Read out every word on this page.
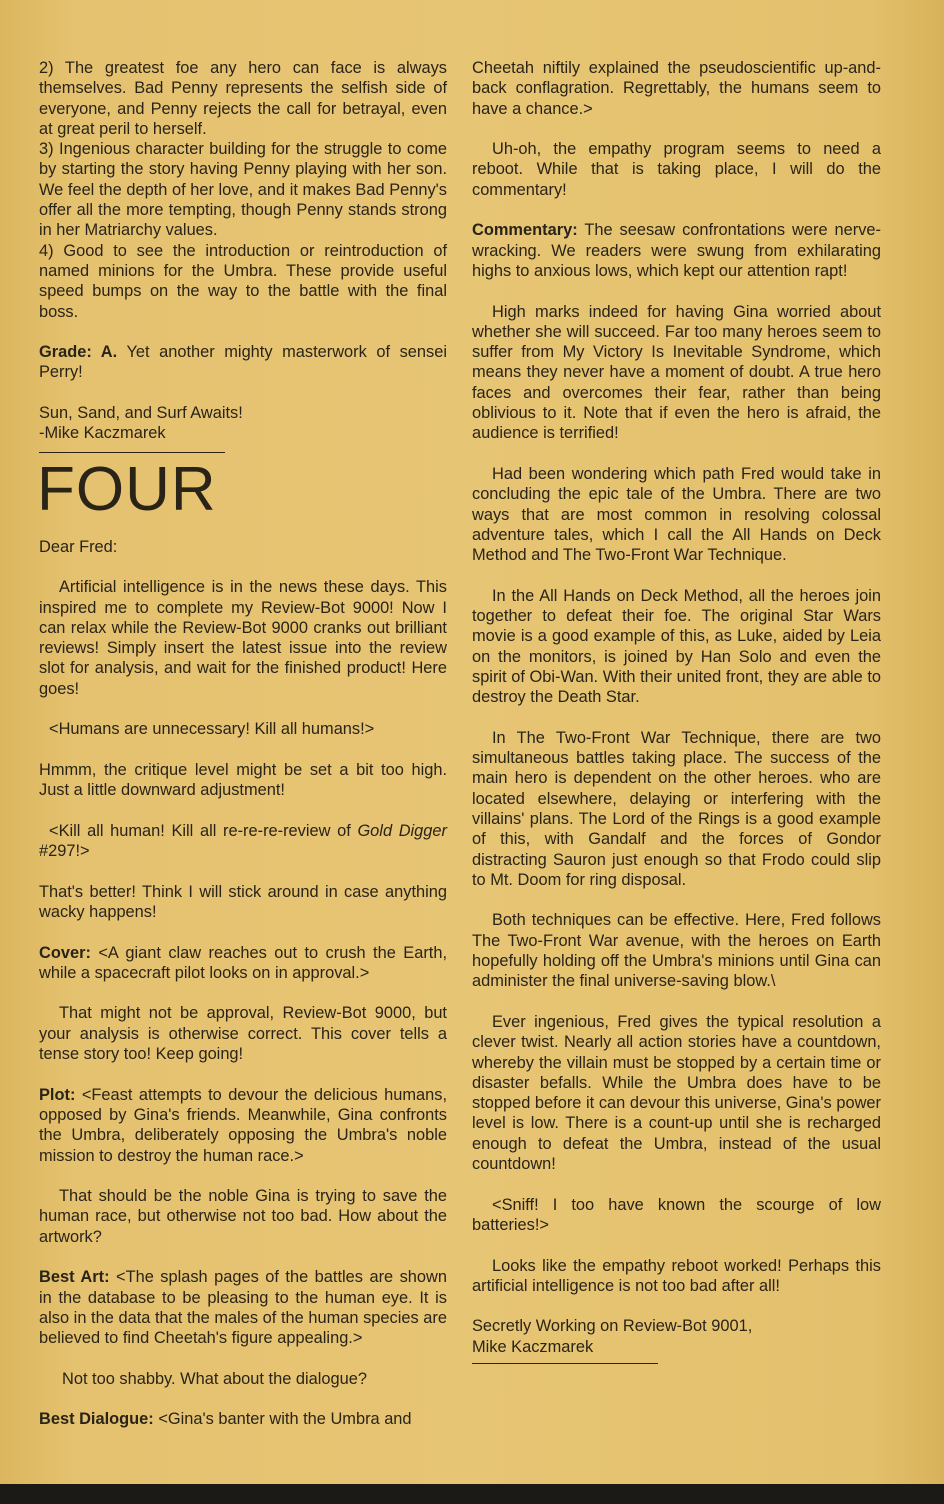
2) The greatest foe any hero can face is always themselves. Bad Penny represents the selfish side of everyone, and Penny rejects the call for betrayal, even at great peril to herself.

3) Ingenious character building for the struggle to come by starting the story having Penny playing with her son. We feel the depth of her love, and it makes Bad Penny's offer all the more tempting, though Penny stands strong in her Matriarchy values.

4) Good to see the introduction or reintroduction of named minions for the Umbra. These provide useful speed bumps on the way to the battle with the final boss.

Grade: A. Yet another mighty masterwork of sensei Perry!

Sun, Sand, and Surf Awaits!

-Mike Kaczmarek

FOUR

Dear Fred:

Artificial intelligence is in the news these days. This inspired me to complete my Review-Bot 9000! Now I can relax while the Review-Bot 9000 cranks out brilliant reviews! Simply insert the latest issue into the review slot for analysis, and wait for the finished product! Here goes!

<Humans are unnecessary! Kill all humans!>

Hmmm, the critique level might be set a bit too high. Just a little downward adjustment!

<Kill all human! Kill all re-re-re-review of Gold Digger #297!>

That's better! Think I will stick around in case anything wacky happens!

Cover: <A giant claw reaches out to crush the Earth, while a spacecraft pilot looks on in approval.>

That might not be approval, Review-Bot 9000, but your analysis is otherwise correct. This cover tells a tense story too! Keep going!

Plot: <Feast attempts to devour the delicious humans, opposed by Gina's friends. Meanwhile, Gina confronts the Umbra, deliberately opposing the Umbra's noble mission to destroy the human race.>

That should be the noble Gina is trying to save the human race, but otherwise not too bad. How about the artwork?

Best Art: <The splash pages of the battles are shown in the database to be pleasing to the human eye. It is also in the data that the males of the human species are believed to find Cheetah's figure appealing.>

Not too shabby. What about the dialogue?

Best Dialogue: <Gina's banter with the Umbra and

Cheetah niftily explained the pseudoscientific up-and-back conflagration. Regrettably, the humans seem to have a chance.>

Uh-oh, the empathy program seems to need a reboot. While that is taking place, I will do the commentary!

Commentary: The seesaw confrontations were nerve-wracking. We readers were swung from exhilarating highs to anxious lows, which kept our attention rapt!

High marks indeed for having Gina worried about whether she will succeed. Far too many heroes seem to suffer from My Victory Is Inevitable Syndrome, which means they never have a moment of doubt. A true hero faces and overcomes their fear, rather than being oblivious to it. Note that if even the hero is afraid, the audience is terrified!

Had been wondering which path Fred would take in concluding the epic tale of the Umbra. There are two ways that are most common in resolving colossal adventure tales, which I call the All Hands on Deck Method and The Two-Front War Technique.

In the All Hands on Deck Method, all the heroes join together to defeat their foe. The original Star Wars movie is a good example of this, as Luke, aided by Leia on the monitors, is joined by Han Solo and even the spirit of Obi-Wan. With their united front, they are able to destroy the Death Star.

In The Two-Front War Technique, there are two simultaneous battles taking place. The success of the main hero is dependent on the other heroes. who are located elsewhere, delaying or interfering with the villains' plans. The Lord of the Rings is a good example of this, with Gandalf and the forces of Gondor distracting Sauron just enough so that Frodo could slip to Mt. Doom for ring disposal.

Both techniques can be effective. Here, Fred follows The Two-Front War avenue, with the heroes on Earth hopefully holding off the Umbra's minions until Gina can administer the final universe-saving blow.\

Ever ingenious, Fred gives the typical resolution a clever twist. Nearly all action stories have a countdown, whereby the villain must be stopped by a certain time or disaster befalls. While the Umbra does have to be stopped before it can devour this universe, Gina's power level is low. There is a count-up until she is recharged enough to defeat the Umbra, instead of the usual countdown!

<Sniff! I too have known the scourge of low batteries!>

Looks like the empathy reboot worked! Perhaps this artificial intelligence is not too bad after all!

Secretly Working on Review-Bot 9001,

Mike Kaczmarek
